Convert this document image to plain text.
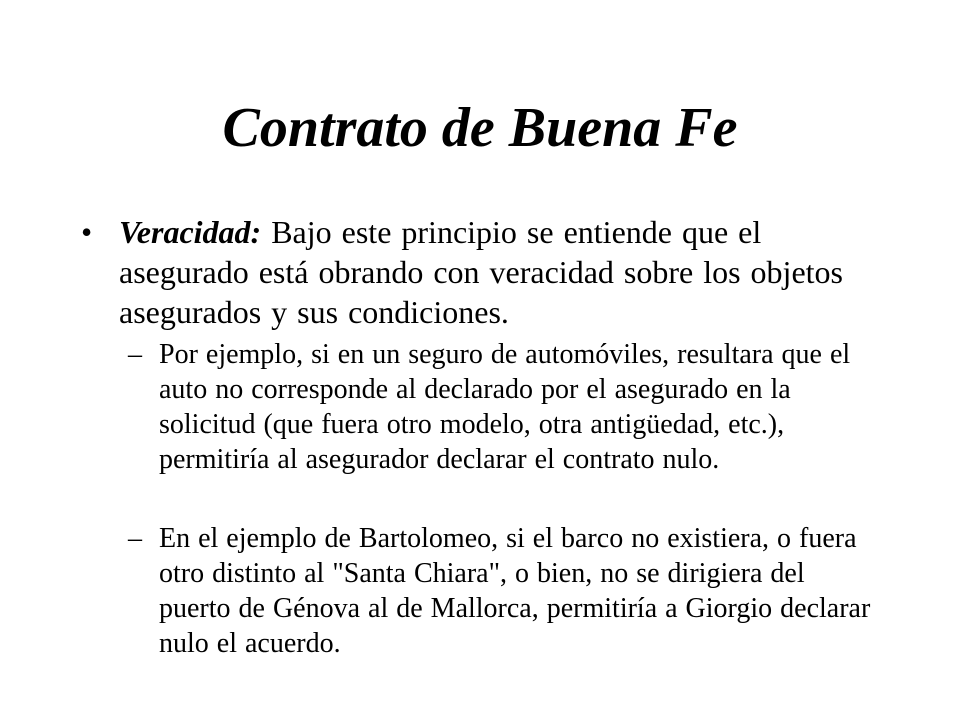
Contrato de Buena Fe
• Veracidad: Bajo este principio se entiende que el asegurado está obrando con veracidad sobre los objetos asegurados y sus condiciones.
– Por ejemplo, si en un seguro de automóviles, resultara que el auto no corresponde al declarado por el asegurado en la solicitud (que fuera otro modelo, otra antigüedad, etc.), permitiría al asegurador declarar el contrato nulo.
– En el ejemplo de Bartolomeo, si el barco no existiera, o fuera otro distinto al "Santa Chiara", o bien, no se dirigiera del puerto de Génova al de Mallorca, permitiría a Giorgio declarar nulo el acuerdo.
